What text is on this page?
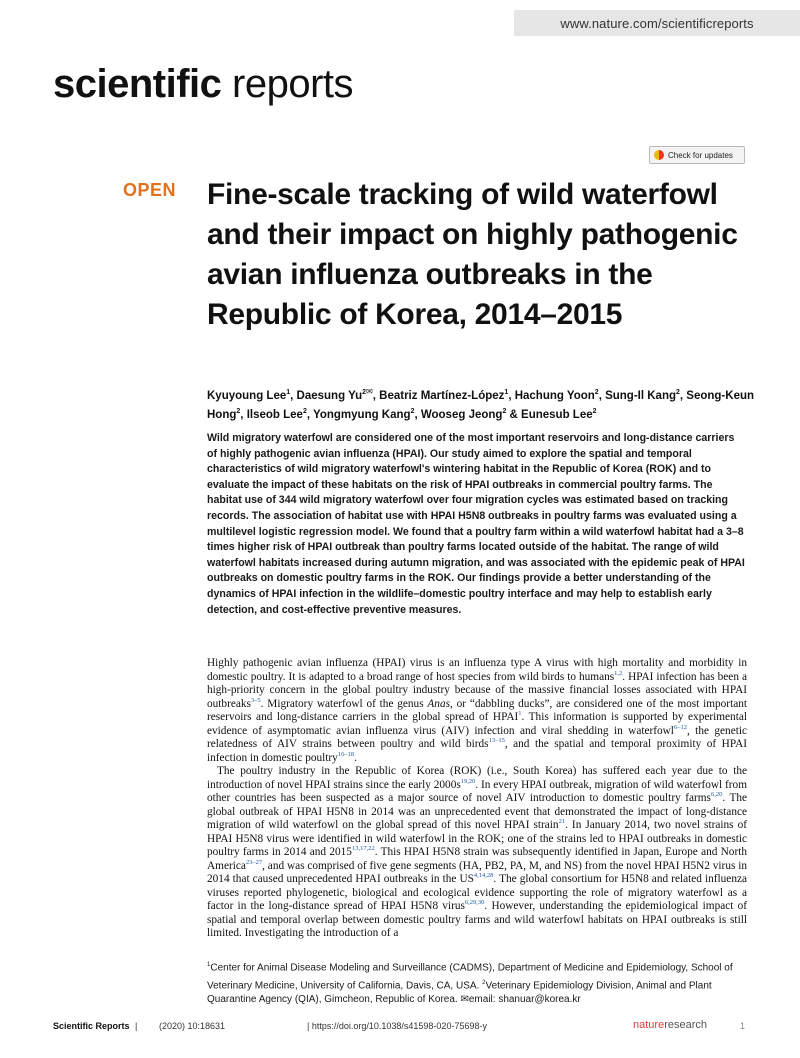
www.nature.com/scientificreports
scientific reports
Check for updates
OPEN Fine-scale tracking of wild waterfowl and their impact on highly pathogenic avian influenza outbreaks in the Republic of Korea, 2014–2015
Kyuyoung Lee$^1$, Daesung $Yu^{2✉}$, Beatriz Martínez-López$^1$, Hachung Yoon$^2$, Sung-Il Kang$^2$, Seong-Keun Hong$^2$, Ilseob Lee$^2$, Yongmyung Kang$^2$, Wooseg Jeong$^2$ & Eunesub Lee$^2$

Wild migratory waterfowl are considered one of the most important reservoirs and long-distance carriers of highly pathogenic avian influenza (HPAI). Our study aimed to explore the spatial and temporal characteristics of wild migratory waterfowl's wintering habitat in the Republic of Korea (ROK) and to evaluate the impact of these habitats on the risk of HPAI outbreaks in commercial poultry farms. The habitat use of 344 wild migratory waterfowl over four migration cycles was estimated based on tracking records. The association of habitat use with HPAI H5N8 outbreaks in poultry farms was evaluated using a multilevel logistic regression model. We found that a poultry farm within a wild waterfowl habitat had a 3–8 times higher risk of HPAI outbreak than poultry farms located outside of the habitat. The range of wild waterfowl habitats increased during autumn migration, and was associated with the epidemic peak of HPAI outbreaks on domestic poultry farms in the ROK. Our findings provide a better understanding of the dynamics of HPAI infection in the wildlife–domestic poultry interface and may help to establish early detection, and cost-effective preventive measures.

Highly pathogenic avian influenza (HPAI) virus is an influenza type A virus with high mortality and morbidity in domestic poultry. It is adapted to a broad range of host species from wild birds to humans$^{1,2}$. HPAI infection has been a high-priority concern in the global poultry industry because of the massive financial losses associated with HPAI outbreaks$^{3-5}$. Migratory waterfowl of the genus Anas, or “dabbling ducks”, are considered one of the most important reservoirs and long-distance carriers in the global spread of HPAI$^1$. This information is supported by experimental evidence of asymptomatic avian influenza virus (AIV) infection and viral shedding in waterfowl$^{6-12}$, the genetic relatedness of AIV strains between poultry and wild birds$^{13-15}$, and the spatial and temporal proximity of HPAI infection in domestic poultry$^{16-18}$.

The poultry industry in the Republic of Korea (ROK) (i.e., South Korea) has suffered each year due to the introduction of novel HPAI strains since the early $2000s^{19,20}$. In every HPAI outbreak, migration of wild waterfowl from other countries has been suspected as a major source of novel AIV introduction to domestic poultry farms$^{6,20}$. The global outbreak of HPAI H5N8 in 2014 was an unprecedented event that demonstrated the impact of long-distance migration of wild waterfowl on the global spread of this novel HPAI strain$^{21}$. In January 2014, two novel strains of HPAI H5N8 virus were identified in wild waterfowl in the ROK; one of the strains led to HPAI outbreaks in domestic poultry farms in 2014 and 2015$^{13,17,22}$. This HPAI H5N8 strain was subsequently identified in Japan, Europe and North America$^{23-27}$, and was comprised of five gene segments (HA, PB2, PA, M, and NS) from the novel HPAI H5N2 virus in 2014 that caused unprecedented HPAI outbreaks in the US$^{4,14,28}$. The global consortium for H5N8 and related influenza viruses reported phylogenetic, biological and ecological evidence supporting the role of migratory waterfowl as a factor in the long-distance spread of HPAI H5N8 virus$^{6,29,30}$. However, understanding the epidemiological impact of spatial and temporal overlap between domestic poultry farms and wild waterfowl habitats on HPAI outbreaks is still limited. Investigating the introduction of a

$^1$Center for Animal Disease Modeling and Surveillance (CADMS), Department of Medicine and Epidemiology, School of Veterinary Medicine, University of California, Davis, CA, USA. $^2$Veterinary Epidemiology Division, Animal and Plant Quarantine Agency (QIA), Gimcheon, Republic of Korea. ✉email: shanuar@korea.kr
Scientific Reports | (2020) 10:18631	| https://doi.org/10.1038/s41598-020-75698-y	natureresearch	1
